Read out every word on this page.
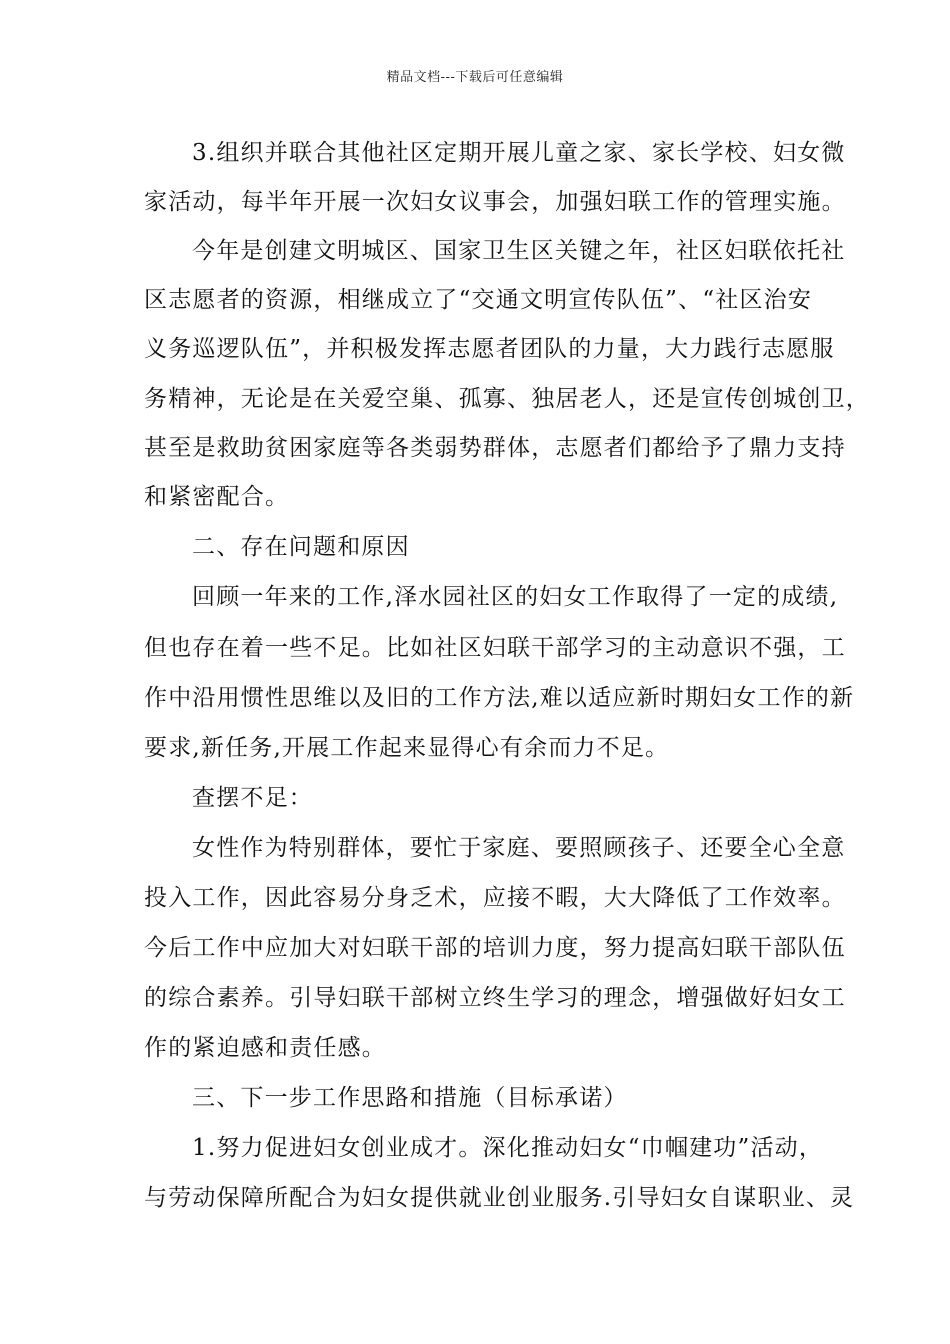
精品文档---下载后可任意编辑
3.组织并联合其他社区定期开展儿童之家、家长学校、妇女微
家活动，每半年开展一次妇女议事会，加强妇联工作的管理实施。
今年是创建文明城区、国家卫生区关键之年，社区妇联依托社
区志愿者的资源，相继成立了“交通文明宣传队伍”、“社区治安
义务巡逻队伍”，并积极发挥志愿者团队的力量，大力践行志愿服
务精神，无论是在关爱空巢、孤寡、独居老人，还是宣传创城创卫，
甚至是救助贫困家庭等各类弱势群体，志愿者们都给予了鼎力支持
和紧密配合。
二、存在问题和原因
回顾一年来的工作,泽水园社区的妇女工作取得了一定的成绩,
但也存在着一些不足。比如社区妇联干部学习的主动意识不强，工
作中沿用惯性思维以及旧的工作方法,难以适应新时期妇女工作的新
要求,新任务,开展工作起来显得心有余而力不足。
查摆不足：
女性作为特别群体，要忙于家庭、要照顾孩子、还要全心全意
投入工作，因此容易分身乏术，应接不暇，大大降低了工作效率。
今后工作中应加大对妇联干部的培训力度，努力提高妇联干部队伍
的综合素养。引导妇联干部树立终生学习的理念，增强做好妇女工
作的紧迫感和责任感。
三、下一步工作思路和措施（目标承诺）
1.努力促进妇女创业成才。深化推动妇女“巾帼建功”活动，
与劳动保障所配合为妇女提供就业创业服务.引导妇女自谋职业、灵
